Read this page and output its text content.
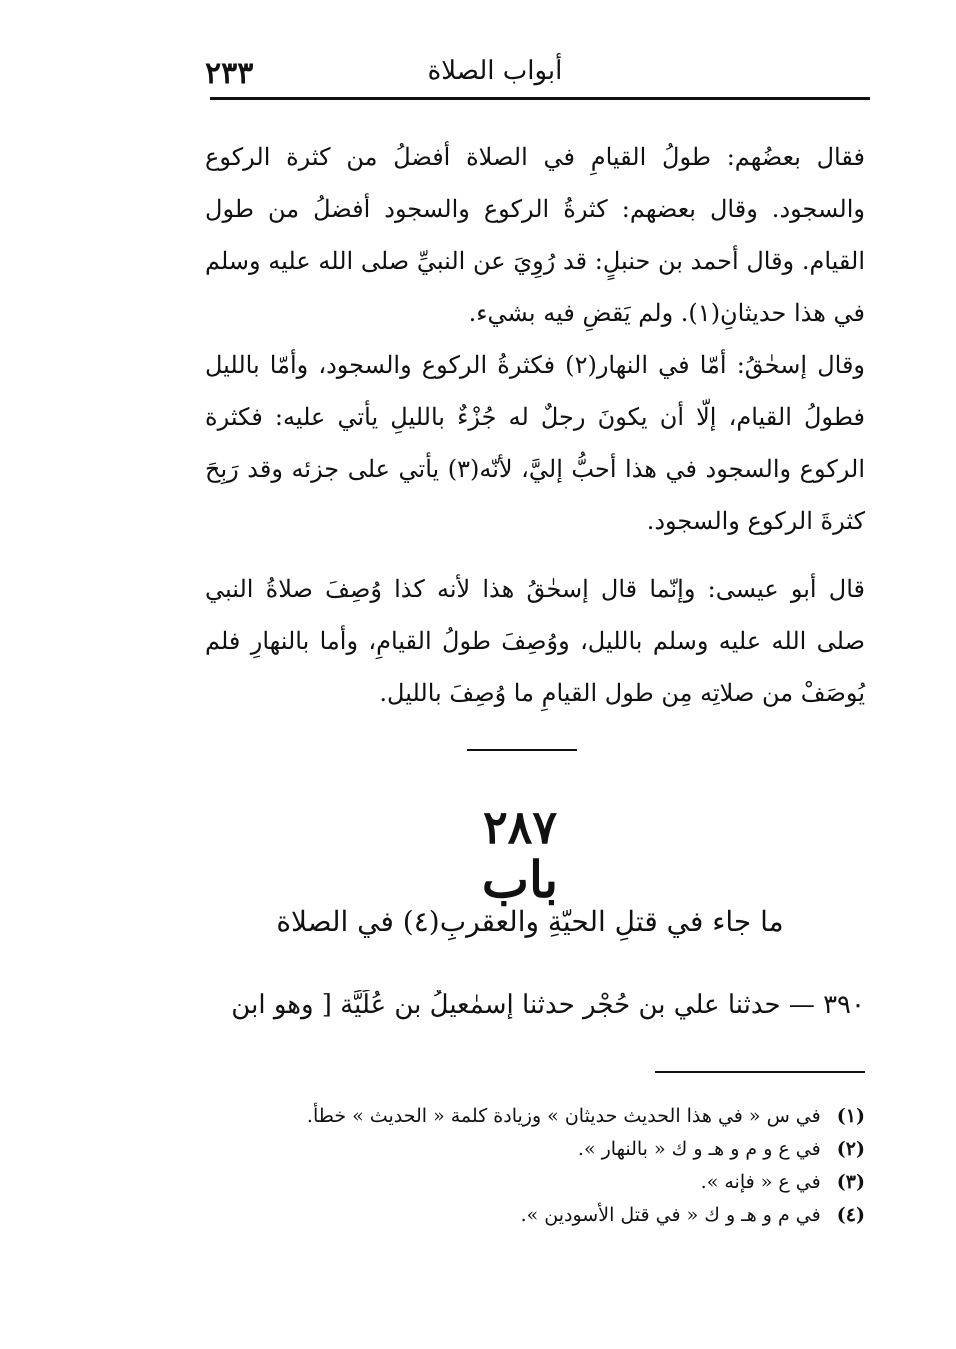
٢٣٣	أبواب الصلاة

فقال بعضُهم: طولُ القيامِ في الصلاة أفضلُ من كثرة الركوع والسجود. وقال بعضهم: كثرةُ الركوع والسجود أفضلُ من طول القيام. وقال أحمد بن حنبلٍ: قد رُوِيَ عن النبيِّ صلى الله عليه وسلم في هذا حديثانِ(١). ولم يَقضِ فيه بشيء.

وقال إسحٰقُ: أمّا في النهار(٢) فكثرةُ الركوع والسجود، وأمّا بالليل فطولُ القيام، إلّا أن يكونَ رجلٌ له جُزْءٌ بالليلِ يأتي عليه: فكثرة الركوع والسجود في هذا أحبُّ إليَّ، لأنّه(٣) يأتي على جزئه وقد رَبِحَ كثرةَ الركوع والسجود.

قال أبو عيسى: وإنّما قال إسحٰقُ هذا لأنه كذا وُصِفَ صلاةُ النبي صلى الله عليه وسلم بالليل، ووُصِفَ طولُ القيامِ، وأما بالنهارِ فلم يُوصَفْ من صلاتِه مِن طول القيامِ ما وُصِفَ بالليل.

٢٨٧
باب
ما جاء في قتلِ الحيّةِ والعقربِ(٤) في الصلاة
٣٩٠ — حدثنا علي بن حُجْر حدثنا إسمٰعيلُ بن عُلَيَّة [ وهو ابن
(١) في س « في هذا الحديث حديثان » وزيادة كلمة « الحديث » خطأ.
(٢) في ع و م و هـ و ك « بالنهار ».
(٣) في ع « فإنه ».
(٤) في م و هـ و ك « في قتل الأسودين ».
